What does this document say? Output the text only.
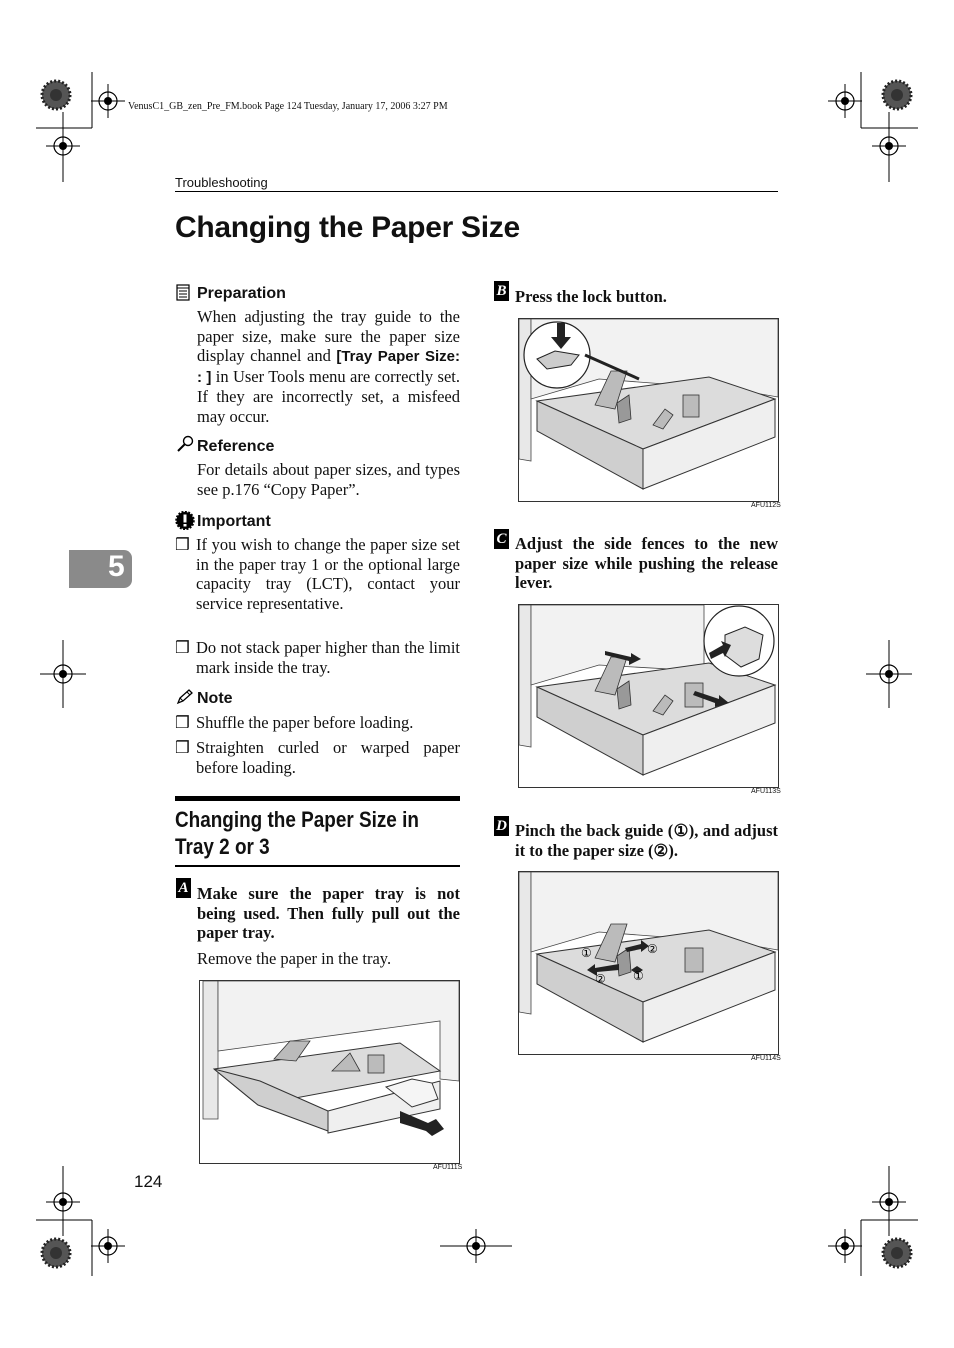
VenusC1_GB_zen_Pre_FM.book Page 124 Tuesday, January 17, 2006 3:27 PM
Troubleshooting
Changing the Paper Size
5
Preparation
When adjusting the tray guide to the paper size, make sure the paper size display channel and [Tray Paper Size: : ] in User Tools menu are correctly set. If they are incorrectly set, a misfeed may occur.
Reference
For details about paper sizes, and types see p.176 “Copy Paper”.
Important
❒ If you wish to change the paper size set in the paper tray 1 or the optional large capacity tray (LCT), contact your service representative.
❒ Do not stack paper higher than the limit mark inside the tray.
Note
❒ Shuffle the paper before loading.
❒ Straighten curled or warped paper before loading.
Changing the Paper Size in Tray 2 or 3
A Make sure the paper tray is not being used. Then fully pull out the paper tray.
Remove the paper in the tray.
AFU111S
B Press the lock button.
AFU112S
C Adjust the side fences to the new paper size while pushing the release lever.
AFU113S
D Pinch the back guide (①), and adjust it to the paper size (②).
①	②
② ①
AFU114S
124
